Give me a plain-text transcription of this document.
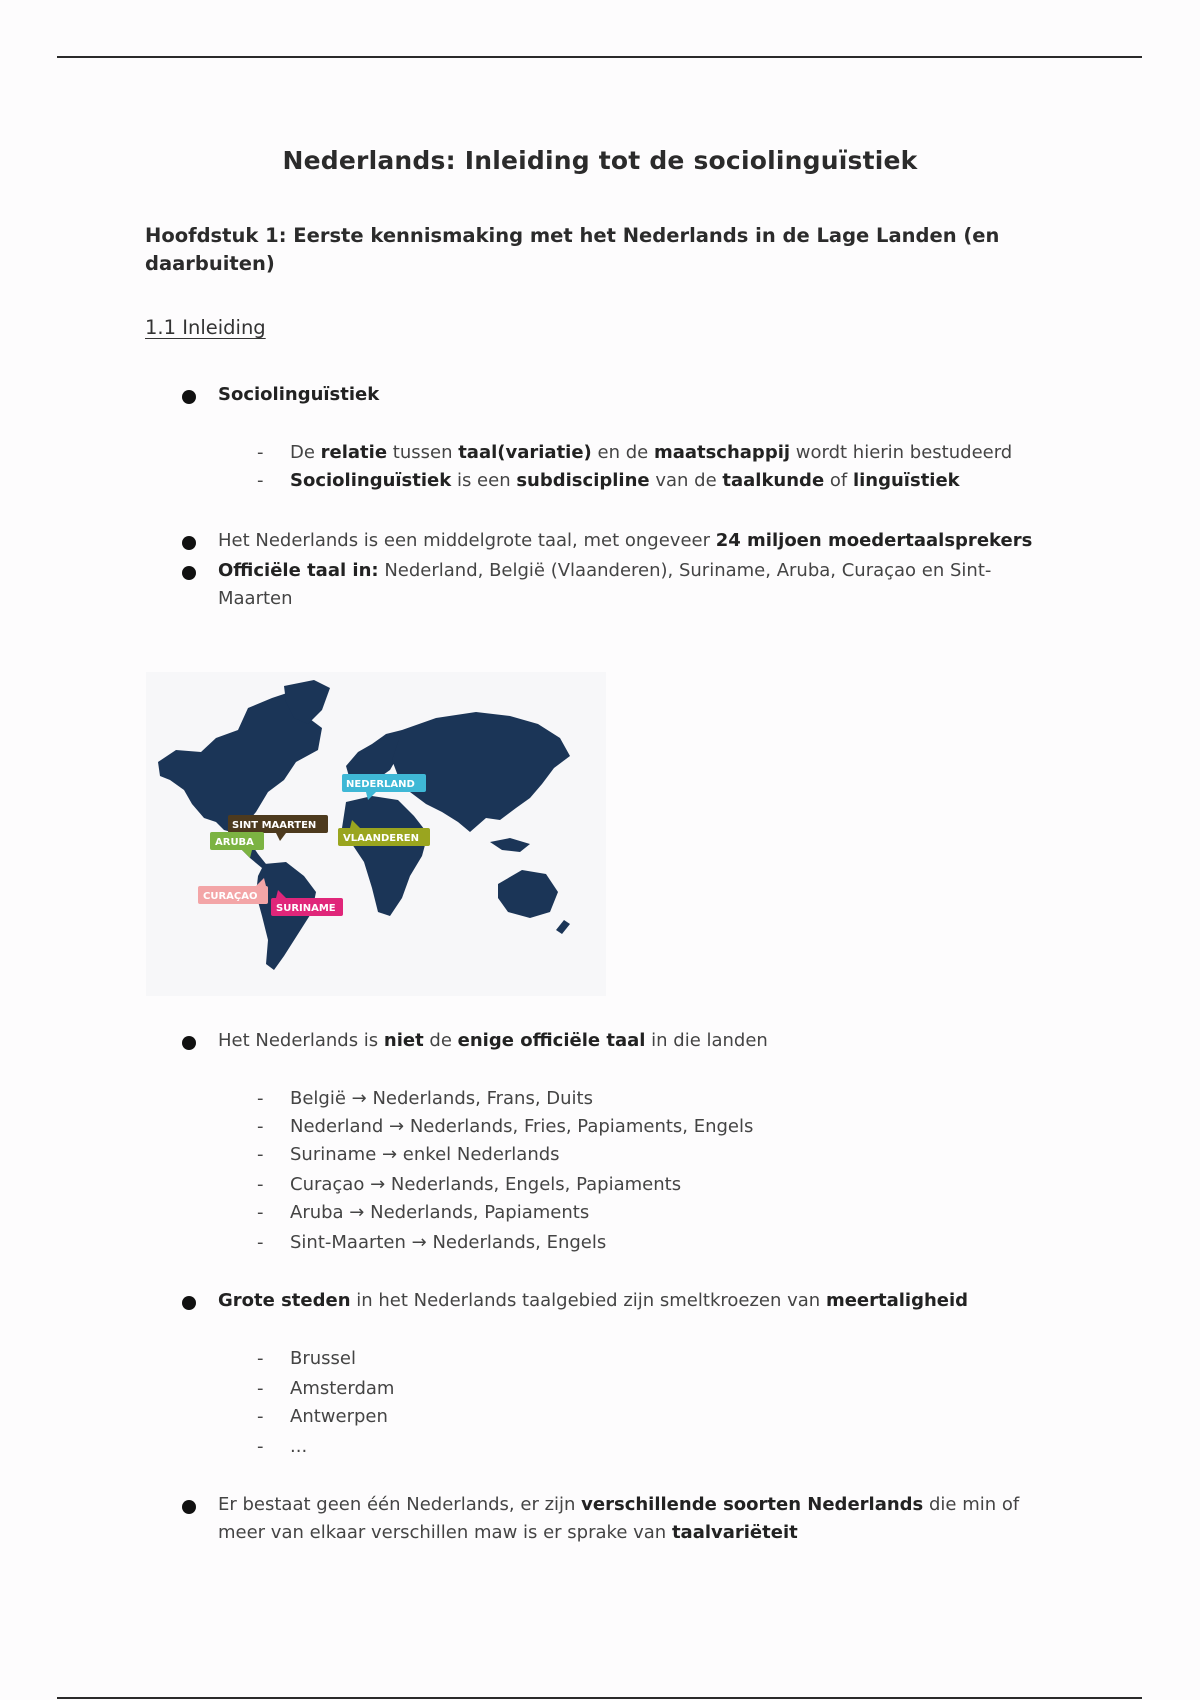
Nederlands: Inleiding tot de sociolinguïstiek
Hoofdstuk 1: Eerste kennismaking met het Nederlands in de Lage Landen (en daarbuiten)
1.1 Inleiding
Sociolinguïstiek
- De relatie tussen taal(variatie) en de maatschappij wordt hierin bestudeerd
- Sociolinguïstiek is een subdiscipline van de taalkunde of linguïstiek
Het Nederlands is een middelgrote taal, met ongeveer 24 miljoen moedertaalsprekers
Officiële taal in: Nederland, België (Vlaanderen), Suriname, Aruba, Curaçao en Sint-Maarten
NEDERLAND
SINT MAARTEN
ARUBA	VLAANDEREN
CURAÇAO
SURINAME
Het Nederlands is niet de enige officiële taal in die landen
- België → Nederlands, Frans, Duits
- Nederland → Nederlands, Fries, Papiaments, Engels
- Suriname → enkel Nederlands
- Curaçao → Nederlands, Engels, Papiaments
- Aruba → Nederlands, Papiaments
- Sint-Maarten → Nederlands, Engels
Grote steden in het Nederlands taalgebied zijn smeltkroezen van meertaligheid
- Brussel
- Amsterdam
- Antwerpen
- ...
Er bestaat geen één Nederlands, er zijn verschillende soorten Nederlands die min of meer van elkaar verschillen maw is er sprake van taalvariëteit
